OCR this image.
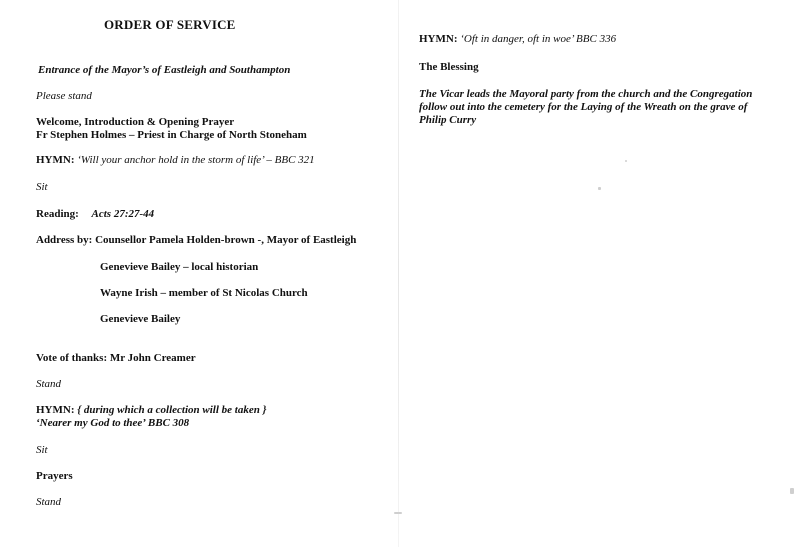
ORDER OF SERVICE
Entrance of the Mayor’s of Eastleigh and Southampton
Please stand
Welcome, Introduction & Opening Prayer
Fr Stephen Holmes – Priest in Charge of North Stoneham
HYMN: ‘Will your anchor hold in the storm of life’ – BBC 321
Sit
Reading: Acts 27:27-44
Address by: Counsellor Pamela Holden-brown -, Mayor of Eastleigh
Genevieve Bailey – local historian
Wayne Irish – member of St Nicolas Church
Genevieve Bailey
Vote of thanks: Mr John Creamer
Stand
HYMN: { during which a collection will be taken }
‘Nearer my God to thee’ BBC 308
Sit
Prayers
Stand
HYMN: ‘Oft in danger, oft in woe’ BBC 336
The Blessing
The Vicar leads the Mayoral party from the church and the Congregation
follow out into the cemetery for the Laying of the Wreath on the grave of
Philip Curry
